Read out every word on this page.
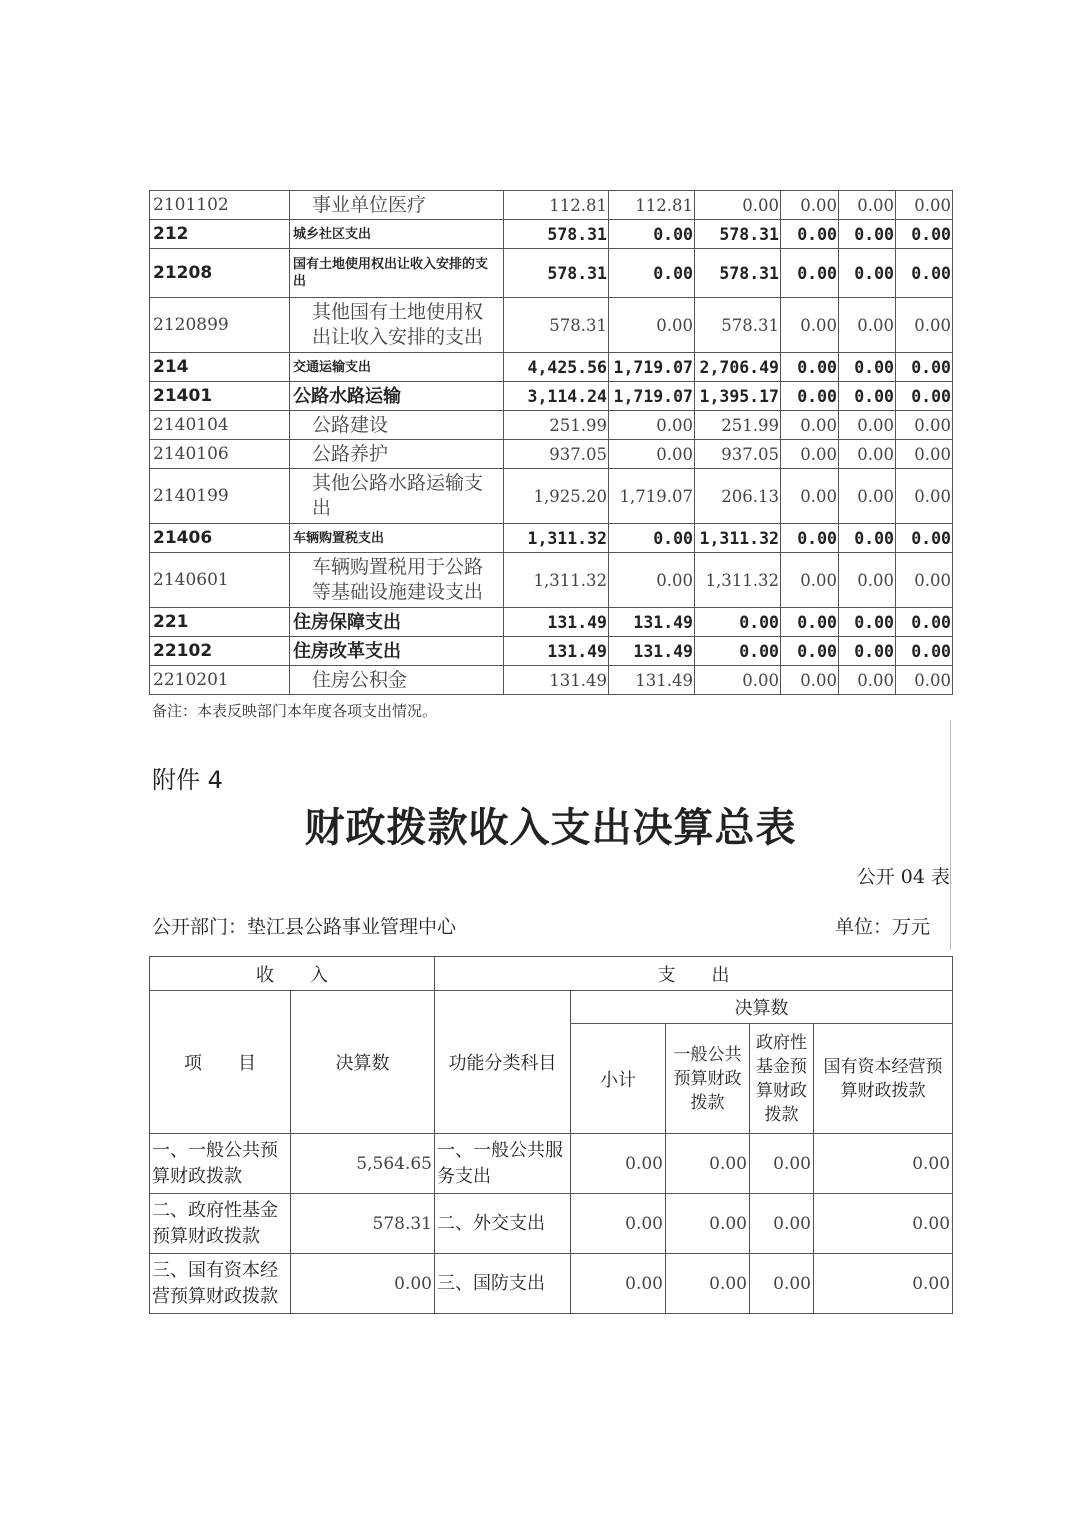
2101102	事业单位医疗	112.81	112.81	0.00	0.00	0.00	0.00
212	城乡社区支出	578.31	0.00	578.31	0.00	0.00	0.00
21208	国有土地使用权出让收入安排的支出	578.31	0.00	578.31	0.00	0.00	0.00
2120899	其他国有土地使用权出让收入安排的支出	578.31	0.00	578.31	0.00	0.00	0.00
214	交通运输支出	4,425.56	1,719.07	2,706.49	0.00	0.00	0.00
21401	公路水路运输	3,114.24	1,719.07	1,395.17	0.00	0.00	0.00
2140104	公路建设	251.99	0.00	251.99	0.00	0.00	0.00
2140106	公路养护	937.05	0.00	937.05	0.00	0.00	0.00
2140199	其他公路水路运输支出	1,925.20	1,719.07	206.13	0.00	0.00	0.00
21406	车辆购置税支出	1,311.32	0.00	1,311.32	0.00	0.00	0.00
2140601	车辆购置税用于公路等基础设施建设支出	1,311.32	0.00	1,311.32	0.00	0.00	0.00
221	住房保障支出	131.49	131.49	0.00	0.00	0.00	0.00
22102	住房改革支出	131.49	131.49	0.00	0.00	0.00	0.00
2210201	住房公积金	131.49	131.49	0.00	0.00	0.00	0.00
备注：本表反映部门本年度各项支出情况。
附件 4
财政拨款收入支出决算总表
公开 04 表
公开部门：垫江县公路事业管理中心	单位：万元
收　　入		支　　出				
项　　目	决算数	功能分类科目	决算数			
			小计	一般公共预算财政拨款	政府性基金预算财政拨款	国有资本经营预算财政拨款
一、一般公共预算财政拨款	5,564.65	一、一般公共服务支出	0.00	0.00	0.00	0.00
二、政府性基金预算财政拨款	578.31	二、外交支出	0.00	0.00	0.00	0.00
三、国有资本经营预算财政拨款	0.00	三、国防支出	0.00	0.00	0.00	0.00
